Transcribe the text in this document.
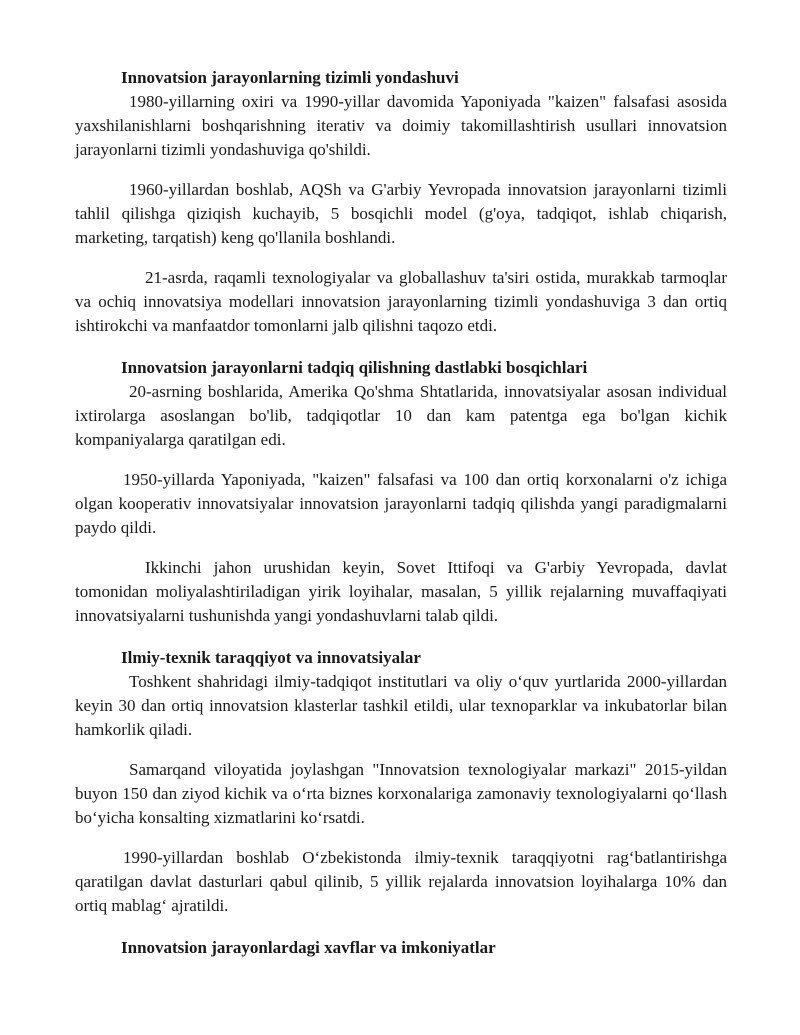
Innovatsion jarayonlarning tizimli yondashuvi

1980-yillarning oxiri va 1990-yillar davomida Yaponiyada "kaizen" falsafasi asosida yaxshilanishlarni boshqarishning iterativ va doimiy takomillashtirish usullari innovatsion jarayonlarni tizimli yondashuviga qo'shildi.

1960-yillardan boshlab, AQSh va G'arbiy Yevropada innovatsion jarayonlarni tizimli tahlil qilishga qiziqish kuchayib, 5 bosqichli model (g'oya, tadqiqot, ishlab chiqarish, marketing, tarqatish) keng qo'llanila boshlandi.

21-asrda, raqamli texnologiyalar va globallashuv ta'siri ostida, murakkab tarmoqlar va ochiq innovatsiya modellari innovatsion jarayonlarning tizimli yondashuviga 3 dan ortiq ishtirokchi va manfaatdor tomonlarni jalb qilishni taqozo etdi.

Innovatsion jarayonlarni tadqiq qilishning dastlabki bosqichlari

20-asrning boshlarida, Amerika Qo'shma Shtatlarida, innovatsiyalar asosan individual ixtirolarga asoslangan bo'lib, tadqiqotlar 10 dan kam patentga ega bo'lgan kichik kompaniyalarga qaratilgan edi.

1950-yillarda Yaponiyada, "kaizen" falsafasi va 100 dan ortiq korxonalarni o'z ichiga olgan kooperativ innovatsiyalar innovatsion jarayonlarni tadqiq qilishda yangi paradigmalarni paydo qildi.

Ikkinchi jahon urushidan keyin, Sovet Ittifoqi va G'arbiy Yevropada, davlat tomonidan moliyalashtiriladigan yirik loyihalar, masalan, 5 yillik rejalarning muvaffaqiyati innovatsiyalarni tushunishda yangi yondashuvlarni talab qildi.

Ilmiy-texnik taraqqiyot va innovatsiyalar

Toshkent shahridagi ilmiy-tadqiqot institutlari va oliy o‘quv yurtlarida 2000-yillardan keyin 30 dan ortiq innovatsion klasterlar tashkil etildi, ular texnoparklar va inkubatorlar bilan hamkorlik qiladi.

Samarqand viloyatida joylashgan "Innovatsion texnologiyalar markazi" 2015-yildan buyon 150 dan ziyod kichik va o‘rta biznes korxonalariga zamonaviy texnologiyalarni qo‘llash bo‘yicha konsalting xizmatlarini ko‘rsatdi.

1990-yillardan boshlab O‘zbekistonda ilmiy-texnik taraqqiyotni rag‘batlantirishga qaratilgan davlat dasturlari qabul qilinib, 5 yillik rejalarda innovatsion loyihalarga 10% dan ortiq mablag‘ ajratildi.

Innovatsion jarayonlardagi xavflar va imkoniyatlar
